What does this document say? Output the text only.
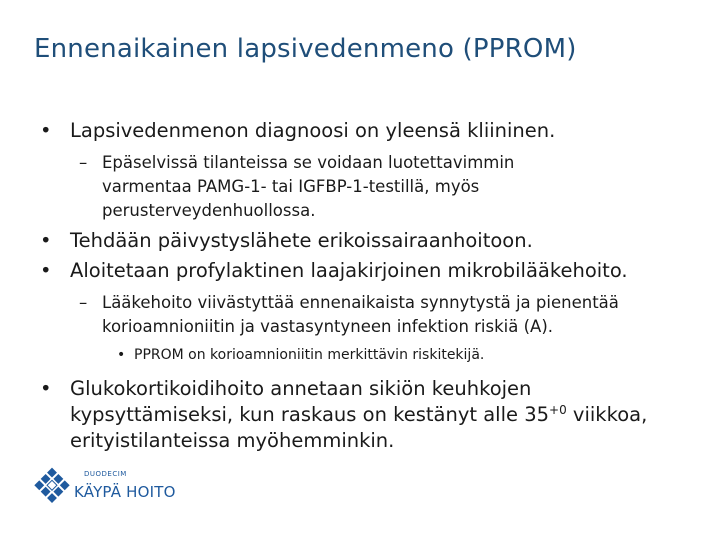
Ennenaikainen lapsivedenmeno (PPROM)
• Lapsivedenmenon diagnoosi on yleensä kliininen.
– Epäselvissä tilanteissa se voidaan luotettavimmin
varmentaa PAMG-1- tai IGFBP-1-testillä, myös
perusterveydenhuollossa.
• Tehdään päivystyslähete erikoissairaanhoitoon.
• Aloitetaan profylaktinen laajakirjoinen mikrobilääkehoito.
– Lääkehoito viivästyttää ennenaikaista synnytystä ja pienentää
korioamnioniitin ja vastasyntyneen infektion riskiä (A).
• PPROM on korioamnioniitin merkittävin riskitekijä.
• Glukokortikoidihoito annetaan sikiön keuhkojen
kypsyttämiseksi, kun raskaus on kestänyt alle $35^{+0}$ viikkoa,
erityistilanteissa myöhemminkin.
DUODECIM
KÄYPÄ HOITO
